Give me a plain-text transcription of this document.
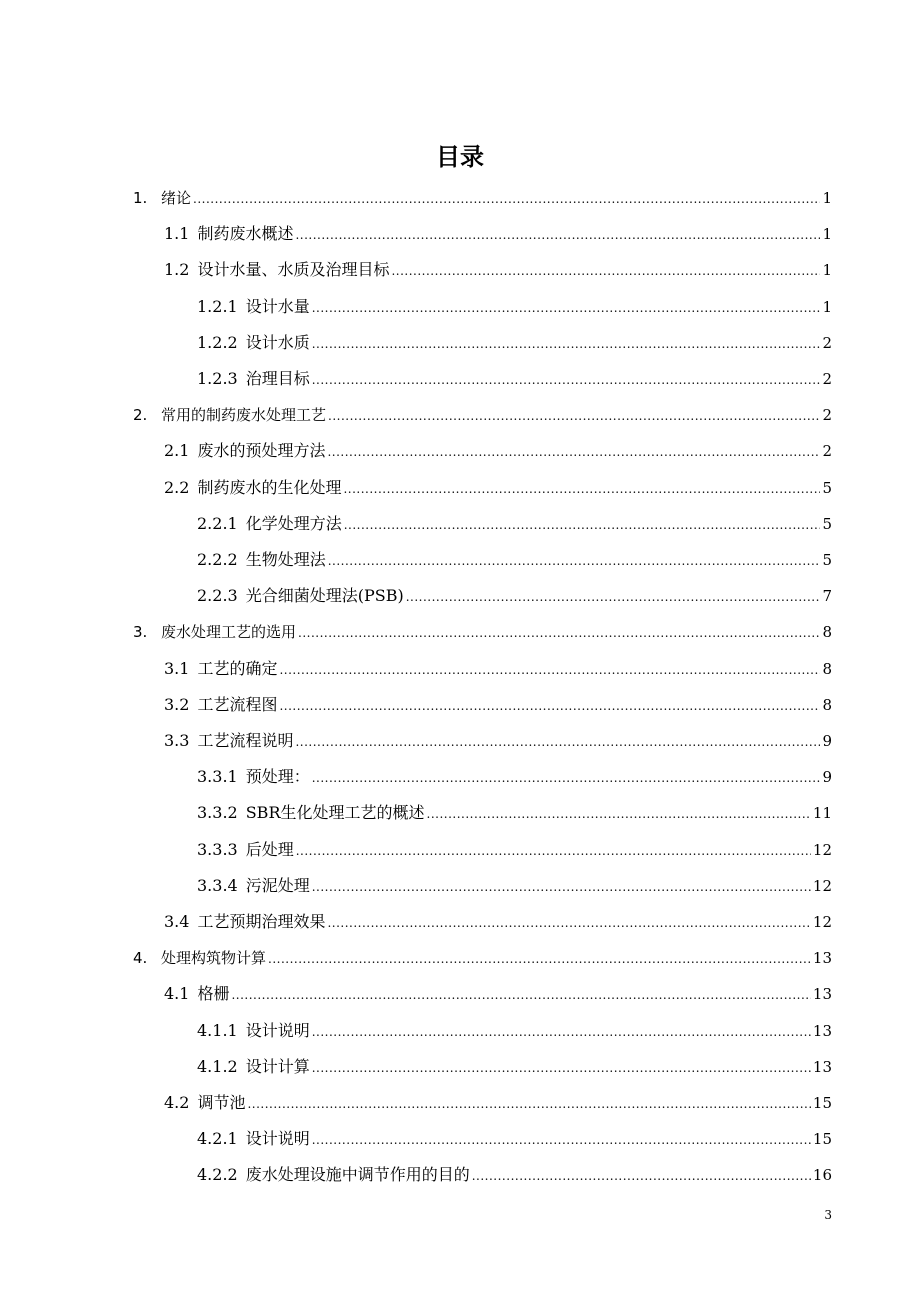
目录
1. 绪论 .....	1
1.1 制药废水概述 .....	1
1.2 设计水量、水质及治理目标 .....	1
1.2.1 设计水量 .....	1
1.2.2 设计水质 .....	2
1.2.3 治理目标 .....	2
2. 常用的制药废水处理工艺 .....	2
2.1 废水的预处理方法 .....	2
2.2 制药废水的生化处理 .....	5
2.2.1 化学处理方法 .....	5
2.2.2 生物处理法 .....	5
2.2.3 光合细菌处理法(PSB) .....	7
3. 废水处理工艺的选用 .....	8
3.1 工艺的确定 .....	8
3.2 工艺流程图 .....	8
3.3 工艺流程说明 .....	9
3.3.1 预处理： .....	9
3.3.2 SBR生化处理工艺的概述 .....	11
3.3.3 后处理 .....	12
3.3.4 污泥处理 .....	12
3.4 工艺预期治理效果 .....	12
4. 处理构筑物计算 .....	13
4.1 格栅 .....	13
4.1.1 设计说明 .....	13
4.1.2 设计计算 .....	13
4.2 调节池 .....	15
4.2.1 设计说明 .....	15
4.2.2 废水处理设施中调节作用的目的 .....	16
3
